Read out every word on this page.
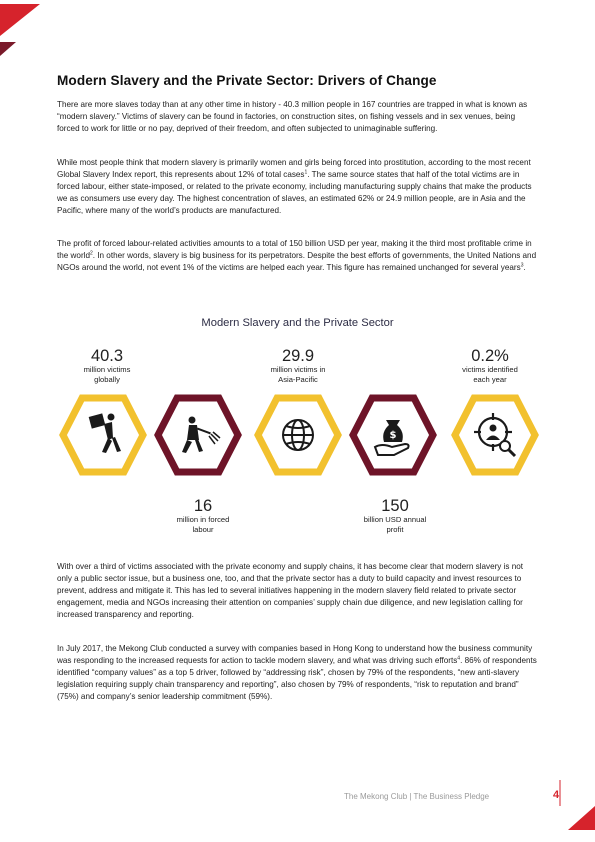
Modern Slavery and the Private Sector: Drivers of Change

There are more slaves today than at any other time in history - 40.3 million people in 167 countries are trapped in what is known as “modern slavery.” Victims of slavery can be found in factories, on construction sites, on fishing vessels and in sex venues, being forced to work for little or no pay, deprived of their freedom, and often subjected to unimaginable suffering.

While most people think that modern slavery is primarily women and girls being forced into prostitution, according to the most recent Global Slavery Index report, this represents about 12% of total cases$^1$. The same source states that half of the total victims are in forced labour, either state-imposed, or related to the private economy, including manufacturing supply chains that make the products we as consumers use every day. The highest concentration of slaves, an estimated 62% or 24.9 million people, are in Asia and the Pacific, where many of the world’s products are manufactured.

The profit of forced labour-related activities amounts to a total of 150 billion USD per year, making it the third most profitable crime in the world$^2$. In other words, slavery is big business for its perpetrators. Despite the best efforts of governments, the United Nations and NGOs around the world, not event 1% of the victims are helped each year. This figure has remained unchanged for several years$^3$.

Modern Slavery and the Private Sector
40.3
million victims
globally
29.9
million victims in
Asia-Pacific
0.2%
victims identified
each year
$
16
million in forced
labour
150
billion USD annual
profit

With over a third of victims associated with the private economy and supply chains, it has become clear that modern slavery is not only a public sector issue, but a business one, too, and that the private sector has a duty to build capacity and invest resources to prevent, address and mitigate it. This has led to several initiatives happening in the modern slavery field related to private sector engagement, media and NGOs increasing their attention on companies’ supply chain due diligence, and new legislation calling for increased transparency and reporting.

In July 2017, the Mekong Club conducted a survey with companies based in Hong Kong to understand how the business community was responding to the increased requests for action to tackle modern slavery, and what was driving such efforts$^4$. 86% of respondents identified “company values” as a top 5 driver, followed by “addressing risk”, chosen by 79% of the respondents, “new anti-slavery legislation requiring supply chain transparency and reporting”, also chosen by 79% of respondents, “risk to reputation and brand” (75%) and company’s senior leadership commitment (59%).

The Mekong Club | The Business Pledge	4
